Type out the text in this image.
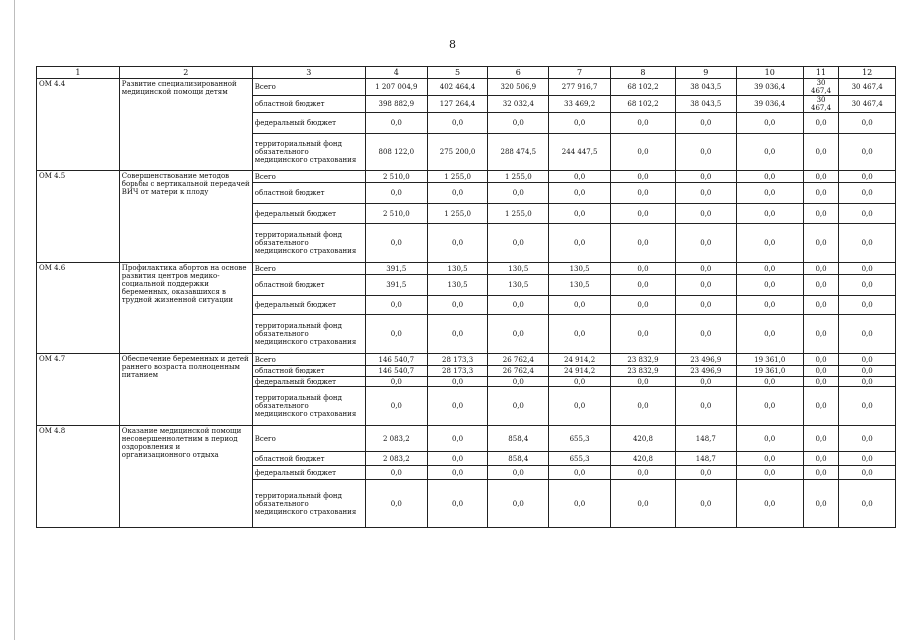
8
1	2	3	4	5	6	7	8	9	10	11	12
ОМ 4.4	Развитие специализированной медицинской помощи детям	Всего	1 207 004,9	402 464,4	320 506,9	277 916,7	68 102,2	38 043,5	39 036,4	30 467,4	30 467,4
		областной бюджет	398 882,9	127 264,4	32 032,4	33 469,2	68 102,2	38 043,5	39 036,4	30 467,4	30 467,4
		федеральный бюджет	0,0	0,0	0,0	0,0	0,0	0,0	0,0	0,0	0,0
		территориальный фонд обязательного медицинского страхования	808 122,0	275 200,0	288 474,5	244 447,5	0,0	0,0	0,0	0,0	0,0
ОМ 4.5	Совершенствование методов борьбы с вертикальной передачей ВИЧ от матери к плоду	Всего	2 510,0	1 255,0	1 255,0	0,0	0,0	0,0	0,0	0,0	0,0
		областной бюджет	0,0	0,0	0,0	0,0	0,0	0,0	0,0	0,0	0,0
		федеральный бюджет	2 510,0	1 255,0	1 255,0	0,0	0,0	0,0	0,0	0,0	0,0
		территориальный фонд обязательного медицинского страхования	0,0	0,0	0,0	0,0	0,0	0,0	0,0	0,0	0,0
ОМ 4.6	Профилактика абортов на основе развития центров медико-социальной поддержки беременных, оказавшихся в трудной жизненной ситуации	Всего	391,5	130,5	130,5	130,5	0,0	0,0	0,0	0,0	0,0
		областной бюджет	391,5	130,5	130,5	130,5	0,0	0,0	0,0	0,0	0,0
		федеральный бюджет	0,0	0,0	0,0	0,0	0,0	0,0	0,0	0,0	0,0
		территориальный фонд обязательного медицинского страхования	0,0	0,0	0,0	0,0	0,0	0,0	0,0	0,0	0,0
ОМ 4.7	Обеспечение беременных и детей раннего возраста полноценным питанием	Всего	146 540,7	28 173,3	26 762,4	24 914,2	23 832,9	23 496,9	19 361,0	0,0	0,0
		областной бюджет	146 540,7	28 173,3	26 762,4	24 914,2	23 832,9	23 496,9	19 361,0	0,0	0,0
		федеральный бюджет	0,0	0,0	0,0	0,0	0,0	0,0	0,0	0,0	0,0
		территориальный фонд обязательного медицинского страхования	0,0	0,0	0,0	0,0	0,0	0,0	0,0	0,0	0,0
ОМ 4.8	Оказание медицинской помощи несовершеннолетним в период оздоровления и организационного отдыха	Всего	2 083,2	0,0	858,4	655,3	420,8	148,7	0,0	0,0	0,0
		областной бюджет	2 083,2	0,0	858,4	655,3	420,8	148,7	0,0	0,0	0,0
		федеральный бюджет	0,0	0,0	0,0	0,0	0,0	0,0	0,0	0,0	0,0
		территориальный фонд обязательного медицинского страхования	0,0	0,0	0,0	0,0	0,0	0,0	0,0	0,0	0,0
